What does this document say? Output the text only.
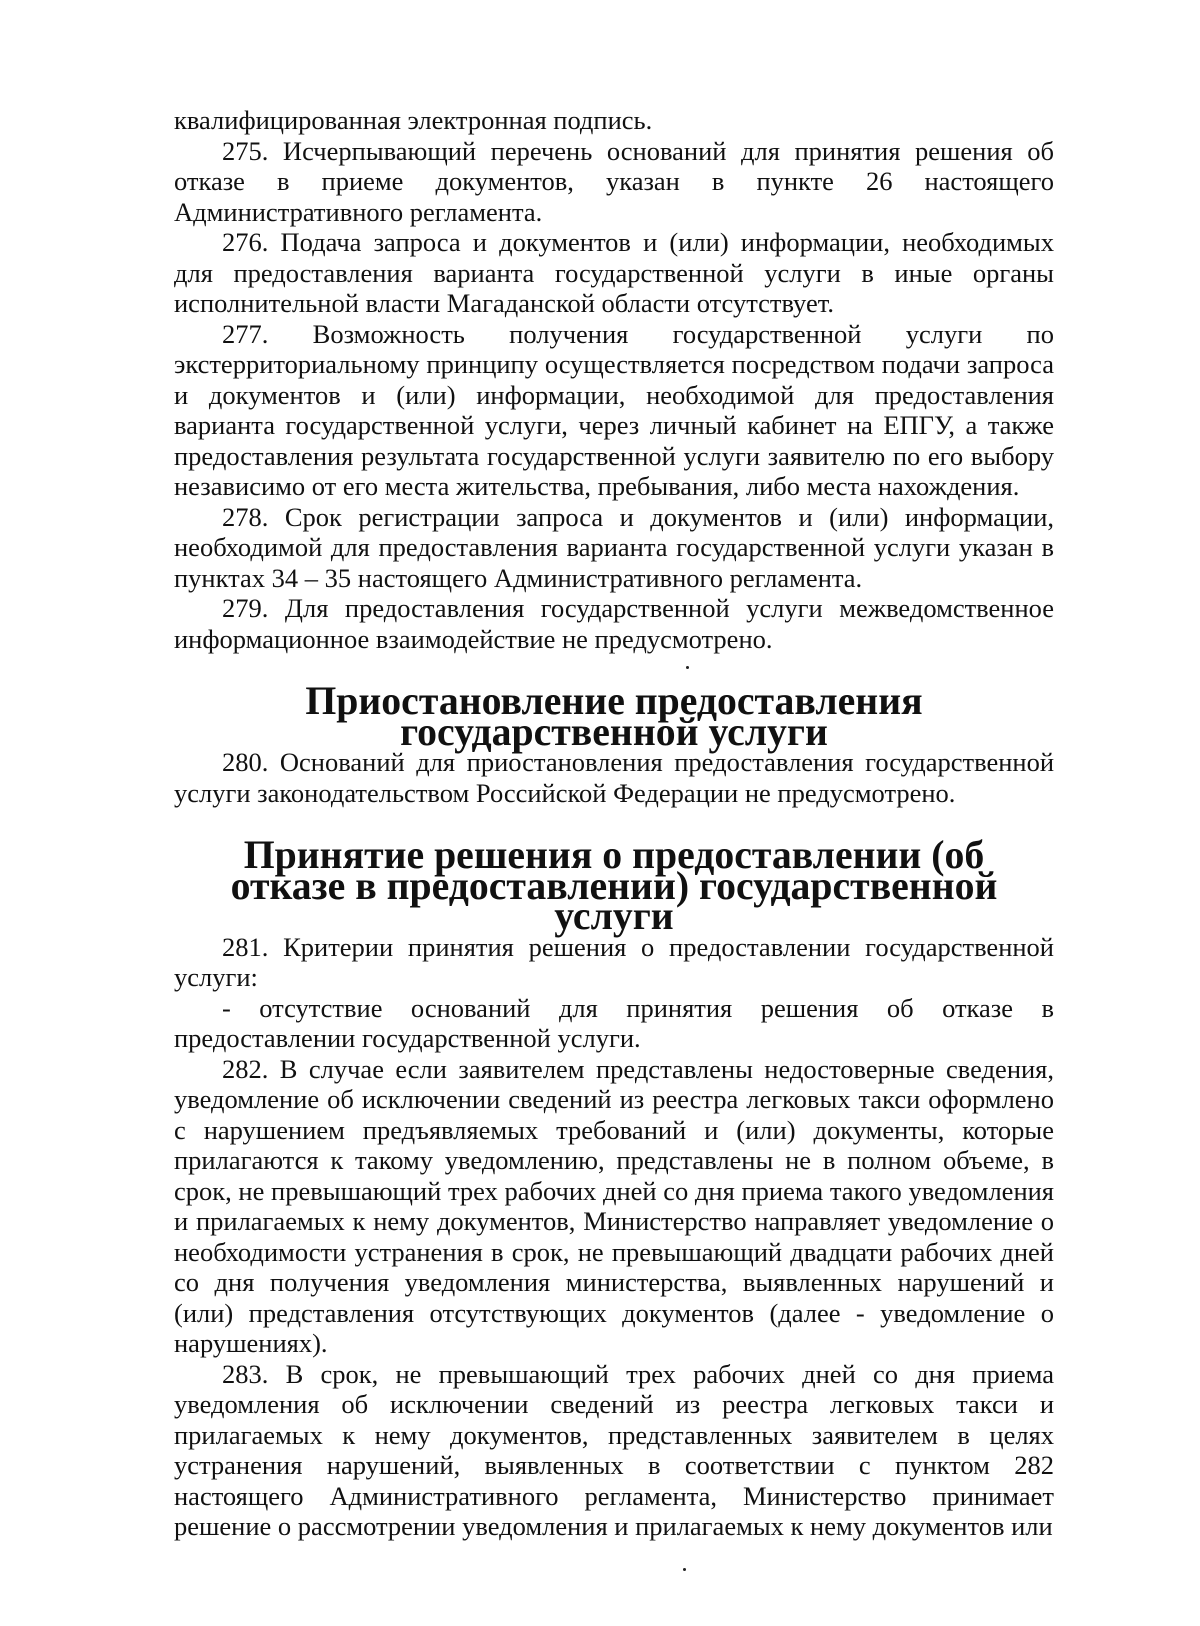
квалифицированная электронная подпись.

275. Исчерпывающий перечень оснований для принятия решения об отказе в приеме документов, указан в пункте 26 настоящего Административного регламента.

276. Подача запроса и документов и (или) информации, необходимых для предоставления варианта государственной услуги в иные органы исполнительной власти Магаданской области отсутствует.

277. Возможность получения государственной услуги по экстерриториальному принципу осуществляется посредством подачи запроса и документов и (или) информации, необходимой для предоставления варианта государственной услуги, через личный кабинет на ЕПГУ, а также предоставления результата государственной услуги заявителю по его выбору независимо от его места жительства, пребывания, либо места нахождения.

278. Срок регистрации запроса и документов и (или) информации, необходимой для предоставления варианта государственной услуги указан в пунктах 34 – 35 настоящего Административного регламента.

279. Для предоставления государственной услуги межведомственное информационное взаимодействие не предусмотрено.

Приостановление предоставления государственной услуги

280. Оснований для приостановления предоставления государственной услуги законодательством Российской Федерации не предусмотрено.

Принятие решения о предоставлении (об отказе в предоставлении) государственной услуги

281. Критерии принятия решения о предоставлении государственной услуги:

- отсутствие оснований для принятия решения об отказе в предоставлении государственной услуги.

282. В случае если заявителем представлены недостоверные сведения, уведомление об исключении сведений из реестра легковых такси оформлено с нарушением предъявляемых требований и (или) документы, которые прилагаются к такому уведомлению, представлены не в полном объеме, в срок, не превышающий трех рабочих дней со дня приема такого уведомления и прилагаемых к нему документов, Министерство направляет уведомление о необходимости устранения в срок, не превышающий двадцати рабочих дней со дня получения уведомления министерства, выявленных нарушений и (или) представления отсутствующих документов (далее - уведомление о нарушениях).

283. В срок, не превышающий трех рабочих дней со дня приема уведомления об исключении сведений из реестра легковых такси и прилагаемых к нему документов, представленных заявителем в целях устранения нарушений, выявленных в соответствии с пунктом 282 настоящего Административного регламента, Министерство принимает решение о рассмотрении уведомления и прилагаемых к нему документов или
